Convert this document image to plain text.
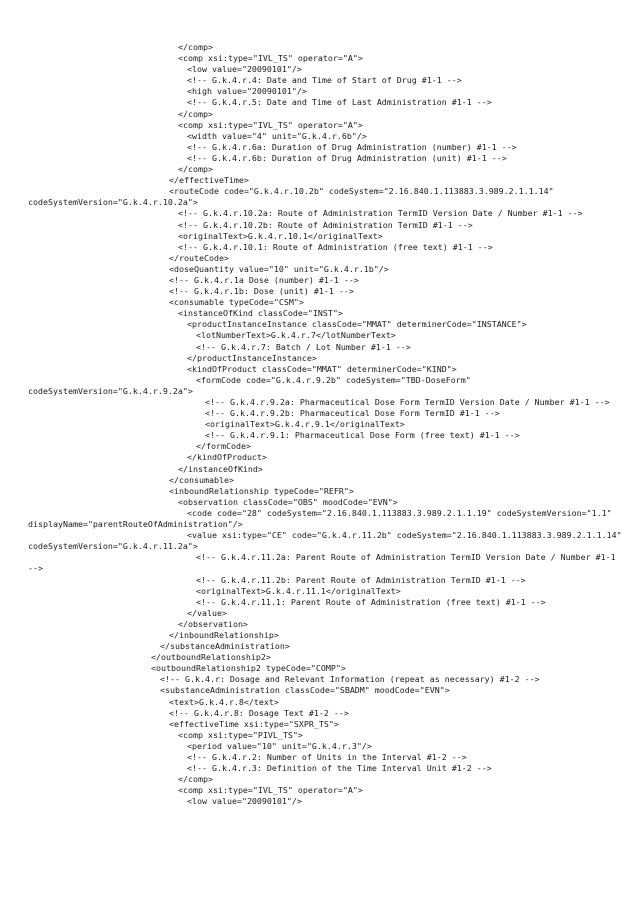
</comp>
<comp xsi:type="IVL_TS" operator="A">
<low value="20090101"/>
<!-- G.k.4.r.4: Date and Time of Start of Drug #1-1 -->
<high value="20090101"/>
<!-- G.k.4.r.5: Date and Time of Last Administration #1-1 -->
</comp>
<comp xsi:type="IVL_TS" operator="A">
<width value="4" unit="G.k.4.r.6b"/>
<!-- G.k.4.r.6a: Duration of Drug Administration (number) #1-1 -->
<!-- G.k.4.r.6b: Duration of Drug Administration (unit) #1-1 -->
</comp>
</effectiveTime>
<routeCode code="G.k.4.r.10.2b" codeSystem="2.16.840.1.113883.3.989.2.1.1.14"
codeSystemVersion="G.k.4.r.10.2a">
<!-- G.k.4.r.10.2a: Route of Administration TermID Version Date / Number #1-1 -->
<!-- G.k.4.r.10.2b: Route of Administration TermID #1-1 -->
<originalText>G.k.4.r.10.1</originalText>
<!-- G.k.4.r.10.1: Route of Administration (free text) #1-1 -->
</routeCode>
<doseQuantity value="10" unit="G.k.4.r.1b"/>
<!-- G.k.4.r.1a Dose (number) #1-1 -->
<!-- G.k.4.r.1b: Dose (unit) #1-1 -->
<consumable typeCode="CSM">
<instanceOfKind classCode="INST">
<productInstanceInstance classCode="MMAT" determinerCode="INSTANCE">
<lotNumberText>G.k.4.r.7</lotNumberText>
<!-- G.k.4.r.7: Batch / Lot Number #1-1 -->
</productInstanceInstance>
<kindOfProduct classCode="MMAT" determinerCode="KIND">
<formCode code="G.k.4.r.9.2b" codeSystem="TBD-DoseForm"
codeSystemVersion="G.k.4.r.9.2a">
<!-- G.k.4.r.9.2a: Pharmaceutical Dose Form TermID Version Date / Number #1-1 -->
<!-- G.k.4.r.9.2b: Pharmaceutical Dose Form TermID #1-1 -->
<originalText>G.k.4.r.9.1</originalText>
<!-- G.k.4.r.9.1: Pharmaceutical Dose Form (free text) #1-1 -->
</formCode>
</kindOfProduct>
</instanceOfKind>
</consumable>
<inboundRelationship typeCode="REFR">
<observation classCode="OBS" moodCode="EVN">
<code code="28" codeSystem="2.16.840.1.113883.3.989.2.1.1.19" codeSystemVersion="1.1"
displayName="parentRouteOfAdministration"/>
<value xsi:type="CE" code="G.k.4.r.11.2b" codeSystem="2.16.840.1.113883.3.989.2.1.1.14"
codeSystemVersion="G.k.4.r.11.2a">
<!-- G.k.4.r.11.2a: Parent Route of Administration TermID Version Date / Number #1-1
-->
<!-- G.k.4.r.11.2b: Parent Route of Administration TermID #1-1 -->
<originalText>G.k.4.r.11.1</originalText>
<!-- G.k.4.r.11.1: Parent Route of Administration (free text) #1-1 -->
</value>
</observation>
</inboundRelationship>
</substanceAdministration>
</outboundRelationship2>
<outboundRelationship2 typeCode="COMP">
<!-- G.k.4.r: Dosage and Relevant Information (repeat as necessary) #1-2 -->
<substanceAdministration classCode="SBADM" moodCode="EVN">
<text>G.k.4.r.8</text>
<!-- G.k.4.r.8: Dosage Text #1-2 -->
<effectiveTime xsi:type="SXPR_TS">
<comp xsi:type="PIVL_TS">
<period value="10" unit="G.k.4.r.3"/>
<!-- G.k.4.r.2: Number of Units in the Interval #1-2 -->
<!-- G.k.4.r.3: Definition of the Time Interval Unit #1-2 -->
</comp>
<comp xsi:type="IVL_TS" operator="A">
<low value="20090101"/>
